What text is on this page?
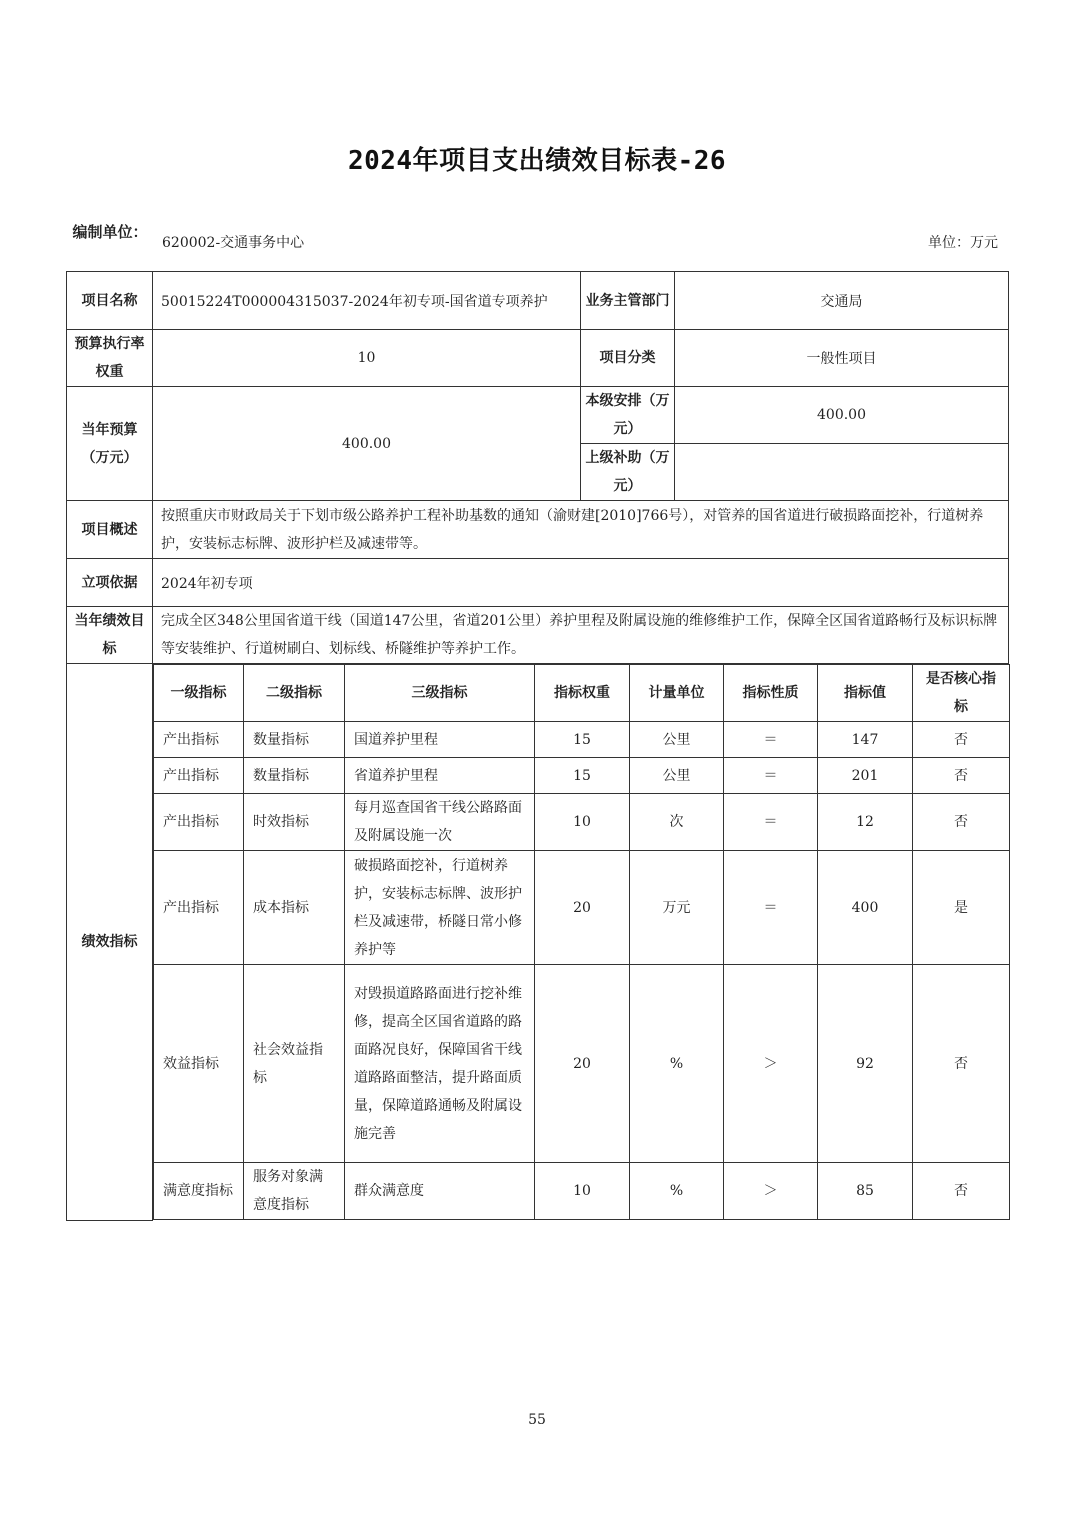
2024年项目支出绩效目标表-26
编制单位：
620002-交通事务中心	单位：万元
项目名称	50015224T000004315037-2024年初专项-国省道专项养护	业务主管部门	交通局
预算执行率权重	10	项目分类	一般性项目
当年预算（万元）	400.00	本级安排（万元）	400.00
上级补助（万元）	
项目概述	按照重庆市财政局关于下划市级公路养护工程补助基数的通知（渝财建[2010]766号），对管养的国省道进行破损路面挖补，行道树养护，安装标志标牌、波形护栏及减速带等。
立项依据	2024年初专项
当年绩效目标	完成全区348公里国省道干线（国道147公里，省道201公里）养护里程及附属设施的维修维护工作，保障全区国省道路畅行及标识标牌等安装维护、行道树刷白、划标线、桥隧维护等养护工作。
绩效指标	
一级指标	二级指标	三级指标	指标权重	计量单位	指标性质	指标值	是否核心指标
产出指标	数量指标	国道养护里程	15	公里	＝	147	否
产出指标	数量指标	省道养护里程	15	公里	＝	201	否
产出指标	时效指标	每月巡查国省干线公路路面及附属设施一次	10	次	＝	12	否
产出指标	成本指标	破损路面挖补，行道树养护，安装标志标牌、波形护栏及减速带，桥隧日常小修养护等	20	万元	＝	400	是
效益指标	社会效益指标	对毁损道路路面进行挖补维修，提高全区国省道路的路面路况良好，保障国省干线道路路面整洁，提升路面质量，保障道路通畅及附属设施完善	20	%	＞	92	否
满意度指标	服务对象满意度指标	群众满意度	10	%	＞	85	否
55
